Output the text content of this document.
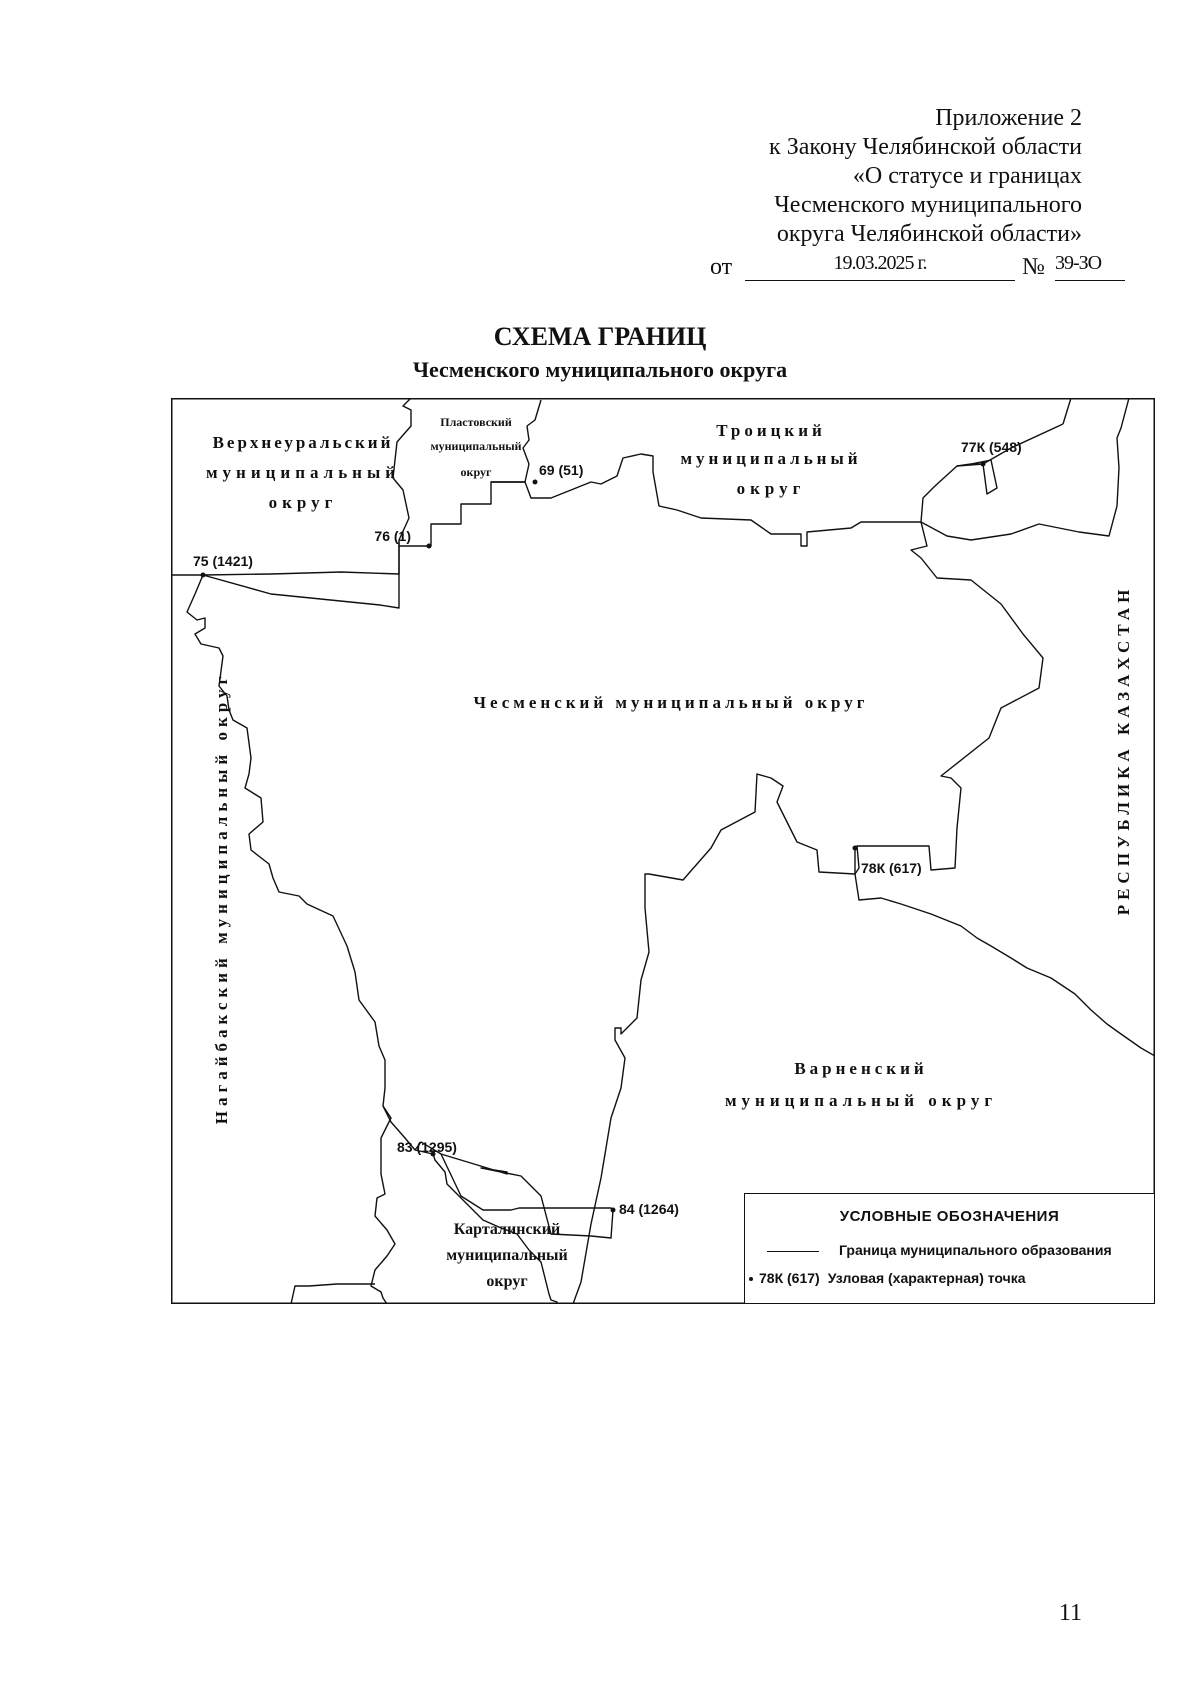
Приложение 2
к Закону Челябинской области
«О статусе и границах
Чесменского муниципального
округа Челябинской области»
от	19.03.2025 г.	№ 39-ЗО
СХЕМА ГРАНИЦ
Чесменского муниципального округа
75 (1421)
76 (1)
69 (51)
77К (548)
78К (617)
83 (1295)
84 (1264)
Верхнеуральский
муниципальный
округ
Пластовский
муниципальный
округ
Троицкий
муниципальный
округ
Чесменский муниципальный округ
Нагайбакский муниципальный округ	РЕСПУБЛИКА КАЗАХСТАН
Варненский
муниципальный округ
Карталинский
муниципальный
округ
УСЛОВНЫЕ ОБОЗНАЧЕНИЯ
Граница муниципального образования
78К (617) Узловая (характерная) точка
11
